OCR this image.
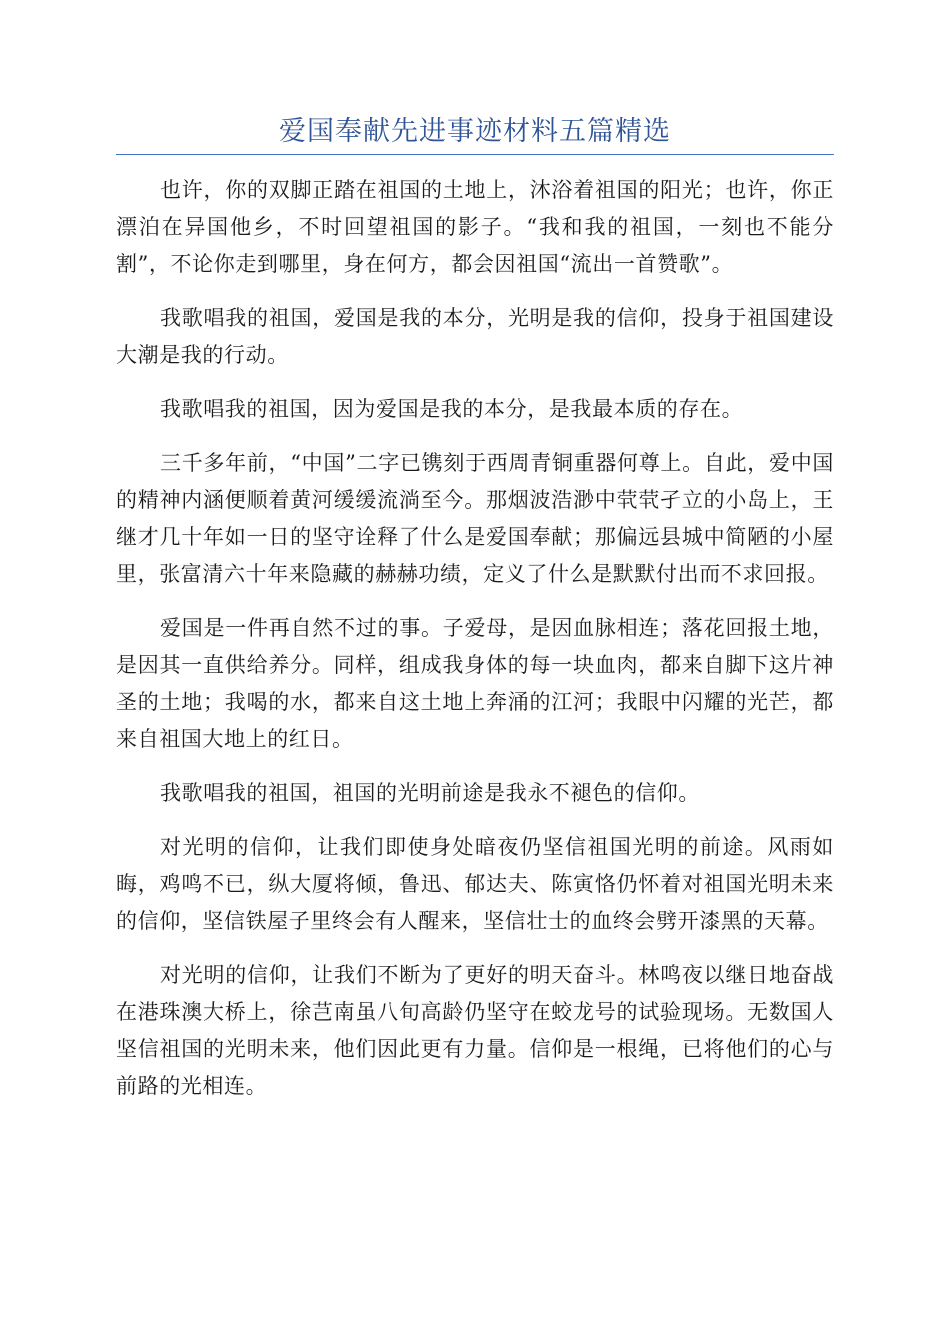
爱国奉献先进事迹材料五篇精选

也许，你的双脚正踏在祖国的土地上，沐浴着祖国的阳光；也许，你正漂泊在异国他乡，不时回望祖国的影子。“我和我的祖国，一刻也不能分割”，不论你走到哪里，身在何方，都会因祖国“流出一首赞歌”。

我歌唱我的祖国，爱国是我的本分，光明是我的信仰，投身于祖国建设大潮是我的行动。

我歌唱我的祖国，因为爱国是我的本分，是我最本质的存在。

三千多年前，“中国”二字已镌刻于西周青铜重器何尊上。自此，爱中国的精神内涵便顺着黄河缓缓流淌至今。那烟波浩渺中茕茕孑立的小岛上，王继才几十年如一日的坚守诠释了什么是爱国奉献；那偏远县城中简陋的小屋里，张富清六十年来隐藏的赫赫功绩，定义了什么是默默付出而不求回报。

爱国是一件再自然不过的事。子爱母，是因血脉相连；落花回报土地，是因其一直供给养分。同样，组成我身体的每一块血肉，都来自脚下这片神圣的土地；我喝的水，都来自这土地上奔涌的江河；我眼中闪耀的光芒，都来自祖国大地上的红日。

我歌唱我的祖国，祖国的光明前途是我永不褪色的信仰。

对光明的信仰，让我们即使身处暗夜仍坚信祖国光明的前途。风雨如晦，鸡鸣不已，纵大厦将倾，鲁迅、郁达夫、陈寅恪仍怀着对祖国光明未来的信仰，坚信铁屋子里终会有人醒来，坚信壮士的血终会劈开漆黑的天幕。

对光明的信仰，让我们不断为了更好的明天奋斗。林鸣夜以继日地奋战在港珠澳大桥上，徐芑南虽八旬高龄仍坚守在蛟龙号的试验现场。无数国人坚信祖国的光明未来，他们因此更有力量。信仰是一根绳，已将他们的心与前路的光相连。
